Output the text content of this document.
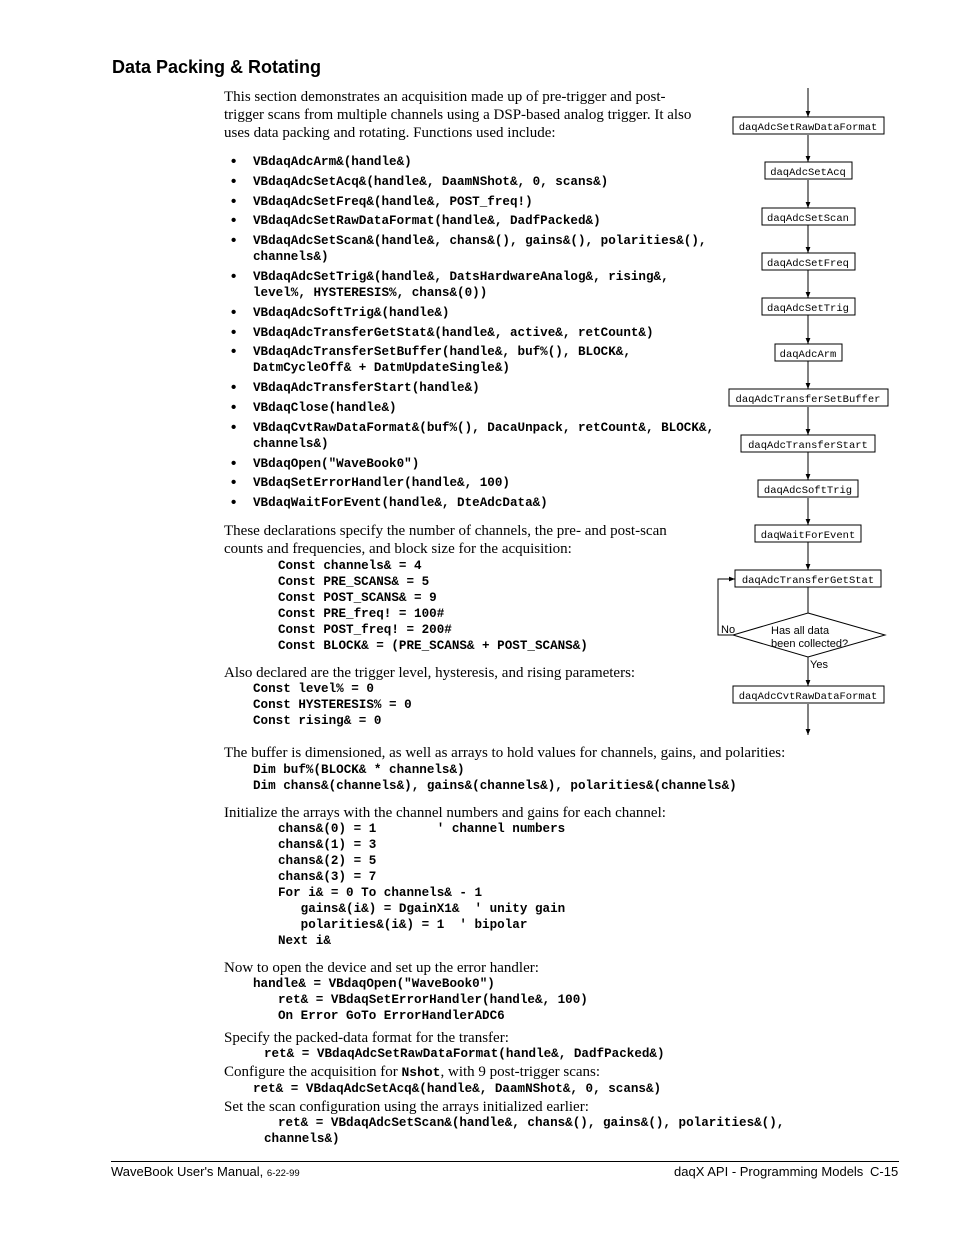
Data Packing & Rotating
This section demonstrates an acquisition made up of pre-trigger and post-trigger scans from multiple channels using a DSP-based analog trigger. It also uses data packing and rotating. Functions used include:
• VBdaqAdcArm&(handle&)
• VBdaqAdcSetAcq&(handle&, DaamNShot&, 0, scans&)
• VBdaqAdcSetFreq&(handle&, POST_freq!)
• VBdaqAdcSetRawDataFormat(handle&, DadfPacked&)
• VBdaqAdcSetScan&(handle&, chans&(), gains&(), polarities&(), channels&)
• VBdaqAdcSetTrig&(handle&, DatsHardwareAnalog&, rising&, level%, HYSTERESIS%, chans&(0))
• VBdaqAdcSoftTrig&(handle&)
• VBdaqAdcTransferGetStat&(handle&, active&, retCount&)
• VBdaqAdcTransferSetBuffer(handle&, buf%(), BLOCK&, DatmCycleOff& + DatmUpdateSingle&)
• VBdaqAdcTransferStart(handle&)
• VBdaqClose(handle&)
• VBdaqCvtRawDataFormat&(buf%(), DacaUnpack, retCount&, BLOCK&, channels&)
• VBdaqOpen("WaveBook0")
• VBdaqSetErrorHandler(handle&, 100)
• VBdaqWaitForEvent(handle&, DteAdcData&)
These declarations specify the number of channels, the pre- and post-scan counts and frequencies, and block size for the acquisition:
Const channels& = 4
Const PRE_SCANS& = 5
Const POST_SCANS& = 9
Const PRE_freq! = 100#
Const POST_freq! = 200#
Const BLOCK& = (PRE_SCANS& + POST_SCANS&)
Also declared are the trigger level, hysteresis, and rising parameters:
Const level% = 0
Const HYSTERESIS% = 0
Const rising& = 0
The buffer is dimensioned, as well as arrays to hold values for channels, gains, and polarities:
Dim buf%(BLOCK& * channels&)
Dim chans&(channels&), gains&(channels&), polarities&(channels&)
Initialize the arrays with the channel numbers and gains for each channel:
chans&(0) = 1        ' channel numbers
chans&(1) = 3
chans&(2) = 5
chans&(3) = 7
For i& = 0 To channels& - 1
gains&(i&) = DgainX1&  ' unity gain
polarities&(i&) = 1  ' bipolar
Next i&
Now to open the device and set up the error handler:
handle& = VBdaqOpen("WaveBook0")
ret& = VBdaqSetErrorHandler(handle&, 100)
On Error GoTo ErrorHandlerADC6
Specify the packed-data format for the transfer:
ret& = VBdaqAdcSetRawDataFormat(handle&, DadfPacked&)
Configure the acquisition for Nshot, with 9 post-trigger scans:
ret& = VBdaqAdcSetAcq&(handle&, DaamNShot&, 0, scans&)
Set the scan configuration using the arrays initialized earlier:
ret& = VBdaqAdcSetScan&(handle&, chans&(), gains&(), polarities&(),
channels&)
daqAdcSetRawDataFormat
daqAdcSetAcq
daqAdcSetScan
daqAdcSetFreq
daqAdcSetTrig
daqAdcArm
daqAdcTransferSetBuffer
daqAdcTransferStart
daqAdcSoftTrig
daqWaitForEvent
daqAdcTransferGetStat
daqAdcCvtRawDataFormat
Has all data
been collected?
No
Yes
WaveBook User's Manual, 6-22-99	daqX API - Programming Models C-15
